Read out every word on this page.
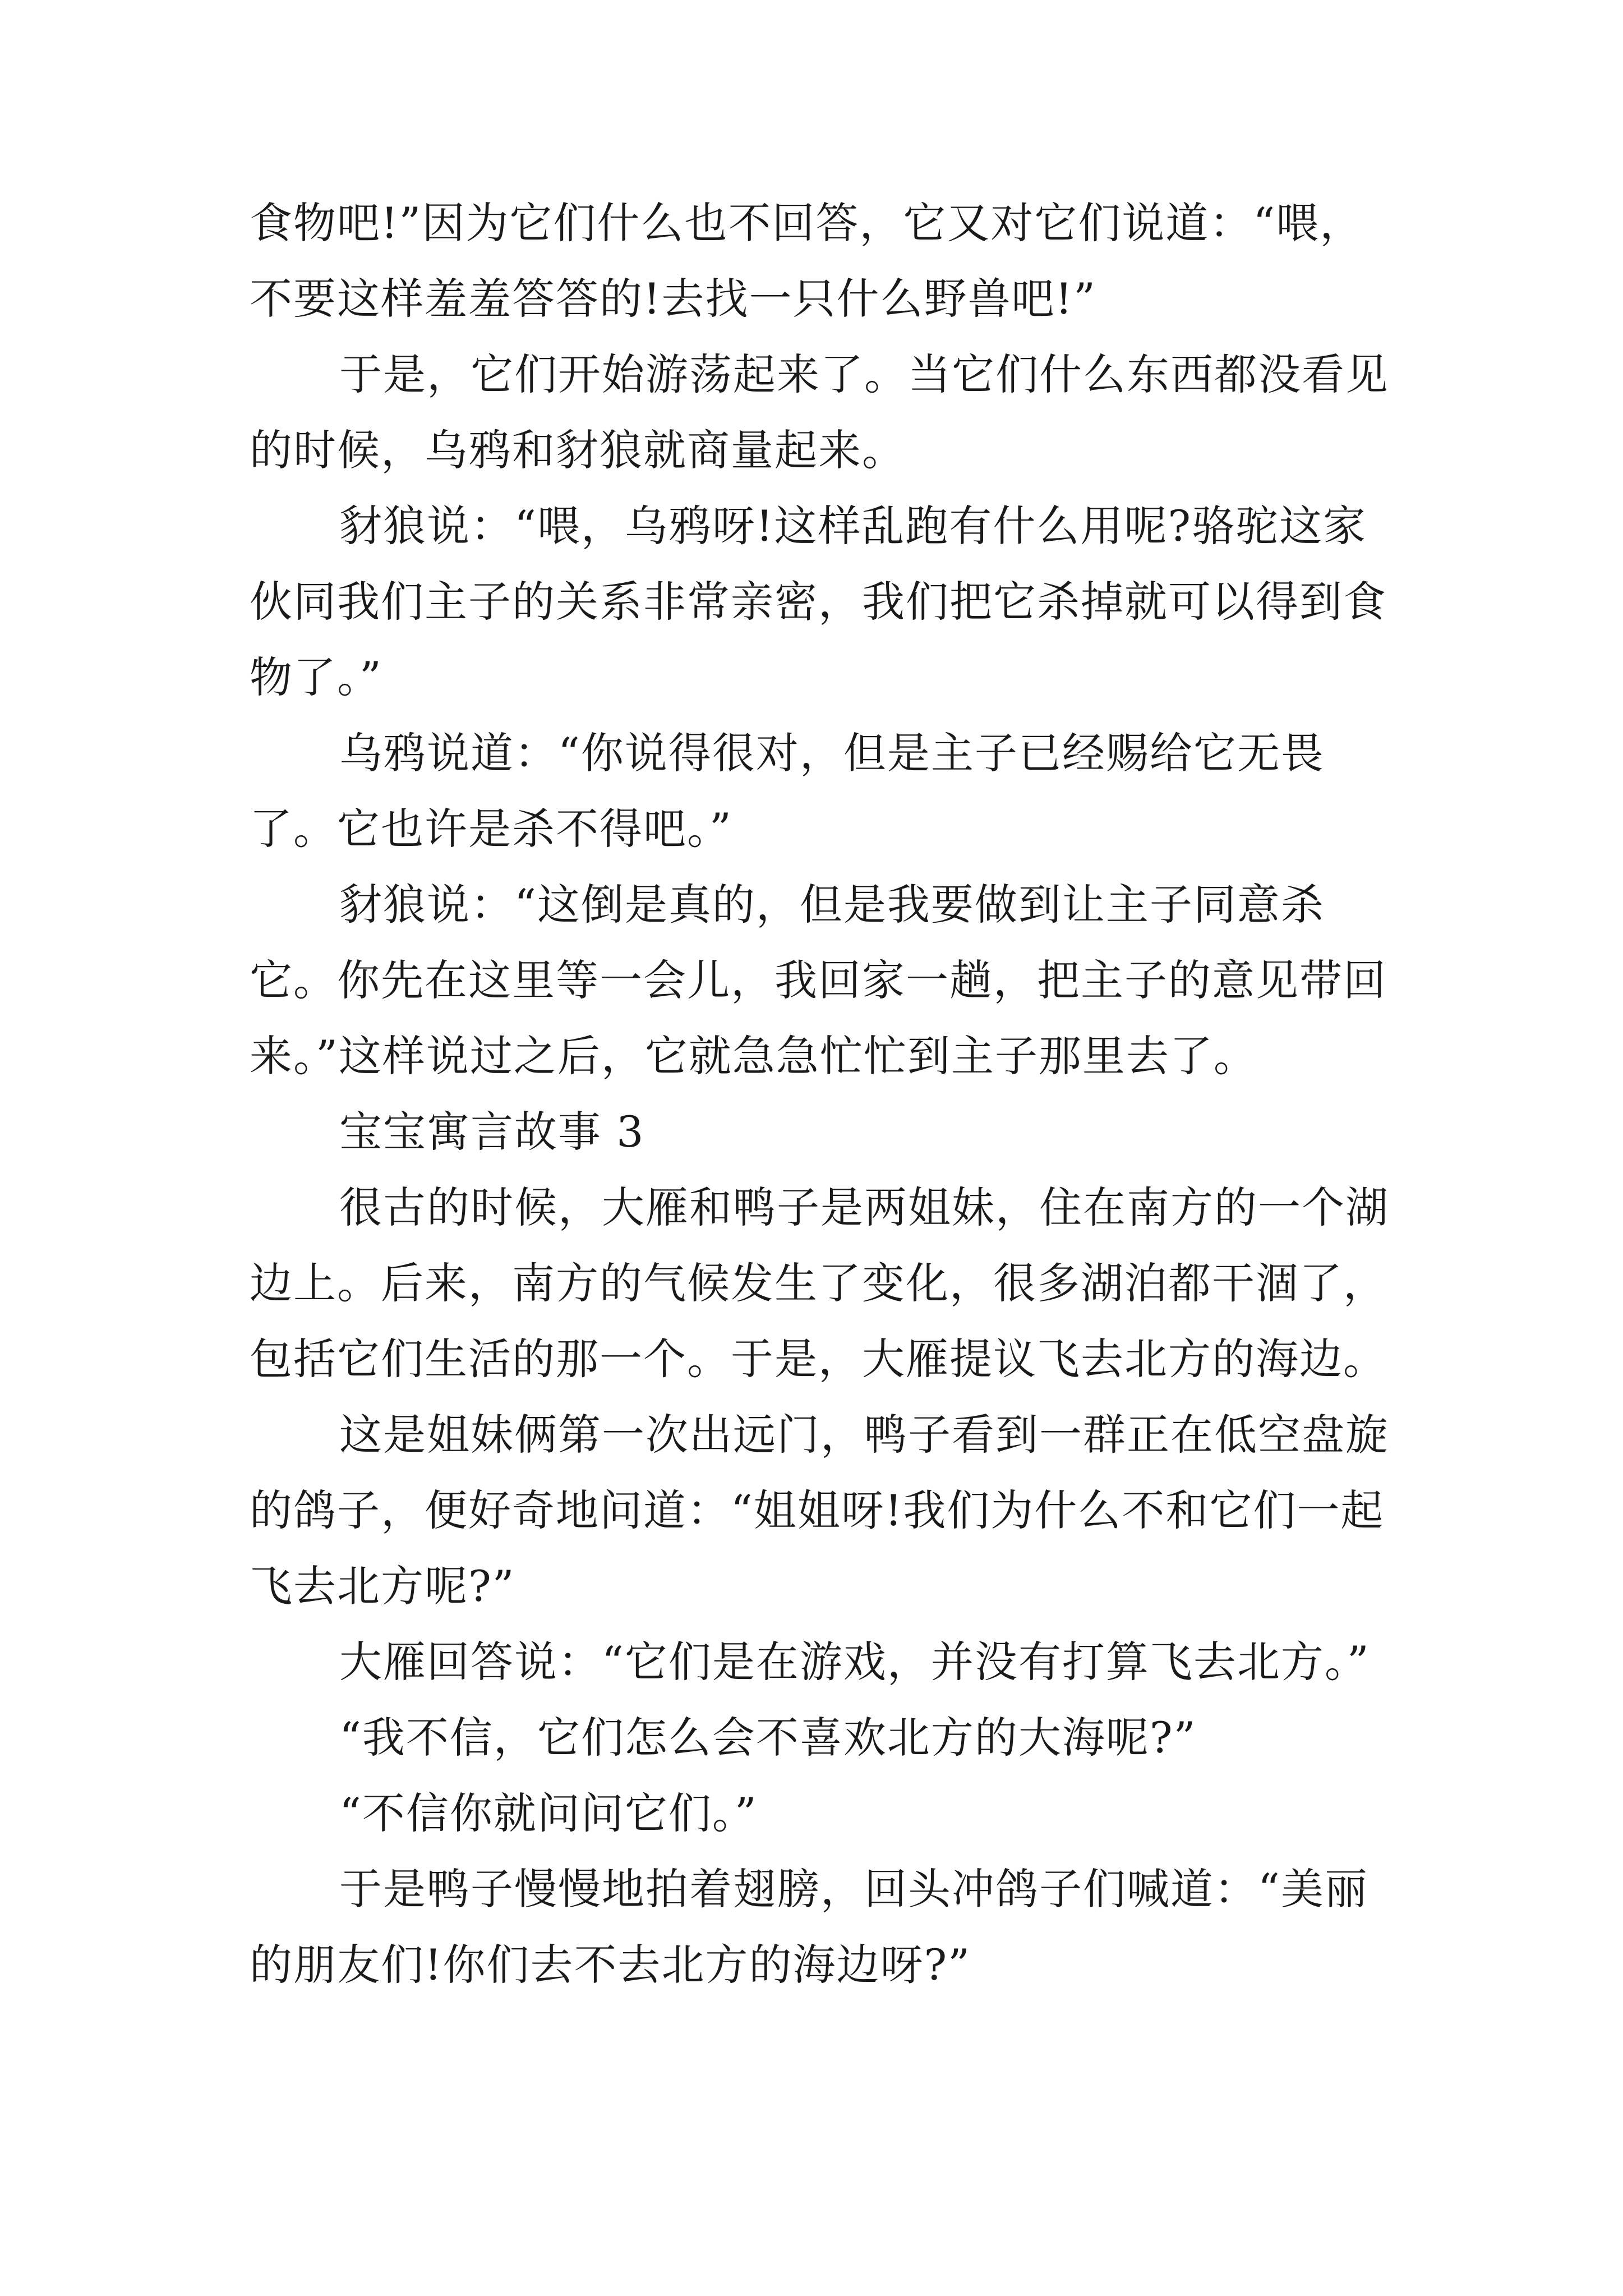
食物吧!”因为它们什么也不回答，它又对它们说道：“喂，不要这样羞羞答答的!去找一只什么野兽吧!”

于是，它们开始游荡起来了。当它们什么东西都没看见的时候，乌鸦和豺狼就商量起来。

豺狼说：“喂，乌鸦呀!这样乱跑有什么用呢?骆驼这家伙同我们主子的关系非常亲密，我们把它杀掉就可以得到食物了。”

乌鸦说道：“你说得很对，但是主子已经赐给它无畏了。它也许是杀不得吧。”

豺狼说：“这倒是真的，但是我要做到让主子同意杀它。你先在这里等一会儿，我回家一趟，把主子的意见带回来。”这样说过之后，它就急急忙忙到主子那里去了。

宝宝寓言故事 3

很古的时候，大雁和鸭子是两姐妹，住在南方的一个湖边上。后来，南方的气候发生了变化，很多湖泊都干涸了，包括它们生活的那一个。于是，大雁提议飞去北方的海边。

这是姐妹俩第一次出远门，鸭子看到一群正在低空盘旋的鸽子，便好奇地问道：“姐姐呀!我们为什么不和它们一起飞去北方呢?”

大雁回答说：“它们是在游戏，并没有打算飞去北方。”

“我不信，它们怎么会不喜欢北方的大海呢?”

“不信你就问问它们。”

于是鸭子慢慢地拍着翅膀，回头冲鸽子们喊道：“美丽的朋友们!你们去不去北方的海边呀?”
